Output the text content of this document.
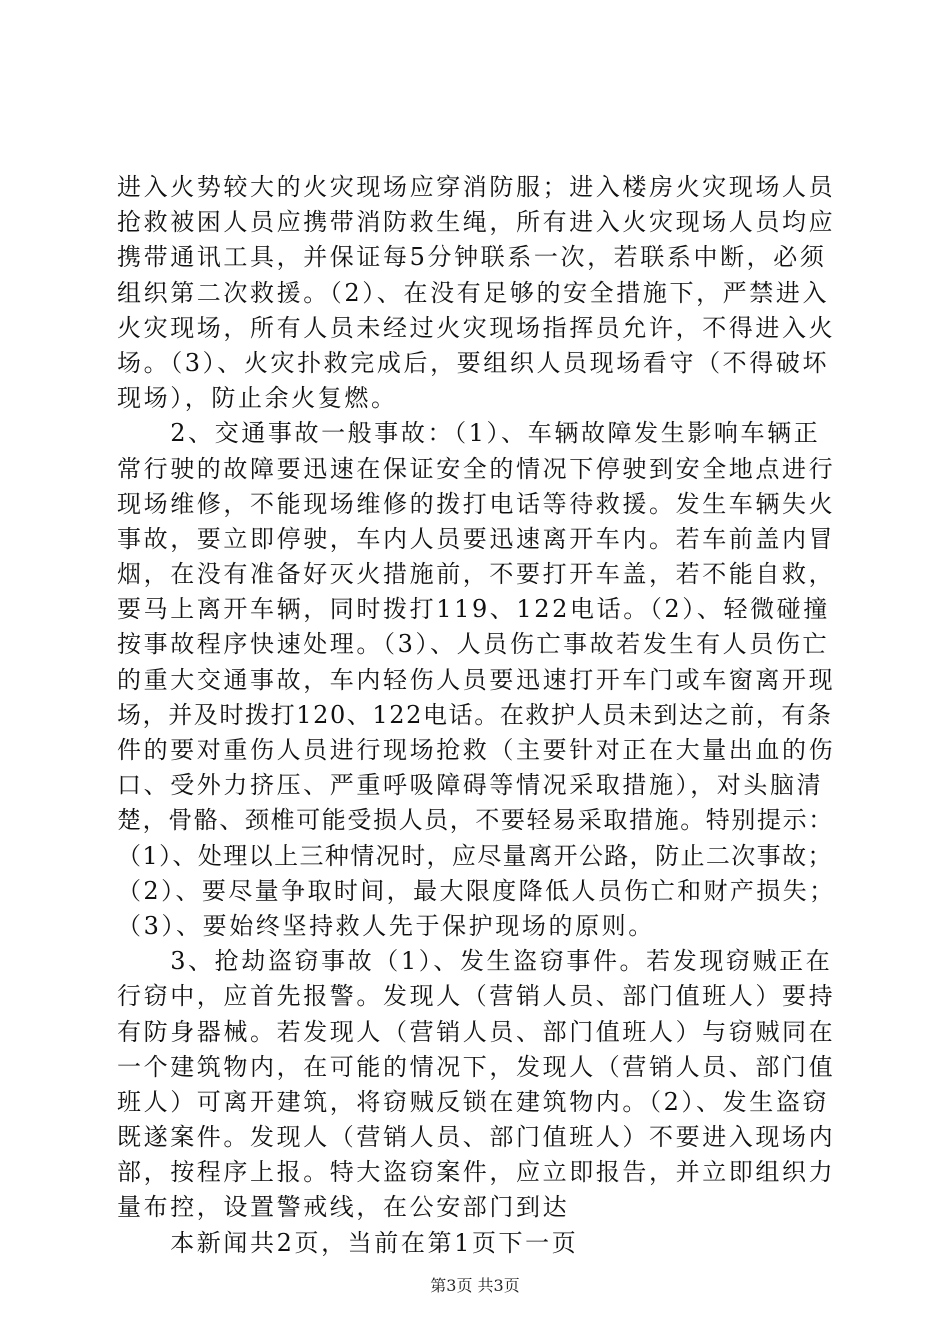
进入火势较大的火灾现场应穿消防服；进入楼房火灾现场人员
抢救被困人员应携带消防救生绳，所有进入火灾现场人员均应
携带通讯工具，并保证每5分钟联系一次，若联系中断，必须
组织第二次救援。（2）、在没有足够的安全措施下，严禁进入
火灾现场，所有人员未经过火灾现场指挥员允许，不得进入火
场。（3）、火灾扑救完成后，要组织人员现场看守（不得破坏
现场），防止余火复燃。
　　2、交通事故一般事故：（1）、车辆故障发生影响车辆正
常行驶的故障要迅速在保证安全的情况下停驶到安全地点进行
现场维修，不能现场维修的拨打电话等待救援。发生车辆失火
事故，要立即停驶，车内人员要迅速离开车内。若车前盖内冒
烟，在没有准备好灭火措施前，不要打开车盖，若不能自救，
要马上离开车辆，同时拨打119、122电话。（2）、轻微碰撞
按事故程序快速处理。（3）、人员伤亡事故若发生有人员伤亡
的重大交通事故，车内轻伤人员要迅速打开车门或车窗离开现
场，并及时拨打120、122电话。在救护人员未到达之前，有条
件的要对重伤人员进行现场抢救（主要针对正在大量出血的伤
口、受外力挤压、严重呼吸障碍等情况采取措施），对头脑清
楚，骨骼、颈椎可能受损人员，不要轻易采取措施。特别提示：
（1）、处理以上三种情况时，应尽量离开公路，防止二次事故；
（2）、要尽量争取时间，最大限度降低人员伤亡和财产损失；
（3）、要始终坚持救人先于保护现场的原则。
　　3、抢劫盗窃事故（1）、发生盗窃事件。若发现窃贼正在
行窃中，应首先报警。发现人（营销人员、部门值班人）要持
有防身器械。若发现人（营销人员、部门值班人）与窃贼同在
一个建筑物内，在可能的情况下，发现人（营销人员、部门值
班人）可离开建筑，将窃贼反锁在建筑物内。（2）、发生盗窃
既遂案件。发现人（营销人员、部门值班人）不要进入现场内
部，按程序上报。特大盗窃案件，应立即报告，并立即组织力
量布控，设置警戒线，在公安部门到达
　　本新闻共2页，当前在第1页下一页
第3页 共3页
